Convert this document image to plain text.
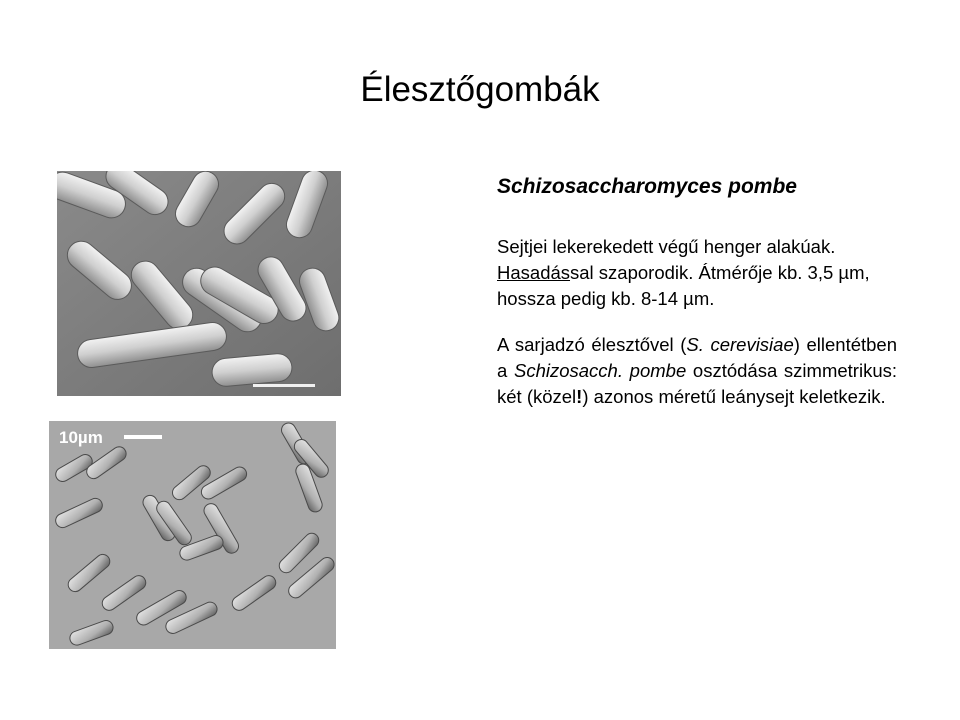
Élesztőgombák
10µm

Schizosaccharomyces pombe

Sejtjei lekerekedett végű henger alakúak. Hasadással szaporodik. Átmérője kb. 3,5 µm, hossza pedig kb. 8-14 µm.

A sarjadzó élesztővel (S. cerevisiae) ellentétben a Schizosacch. pombe osztódása szimmetrikus: két (közel!) azonos méretű leánysejt keletkezik.
